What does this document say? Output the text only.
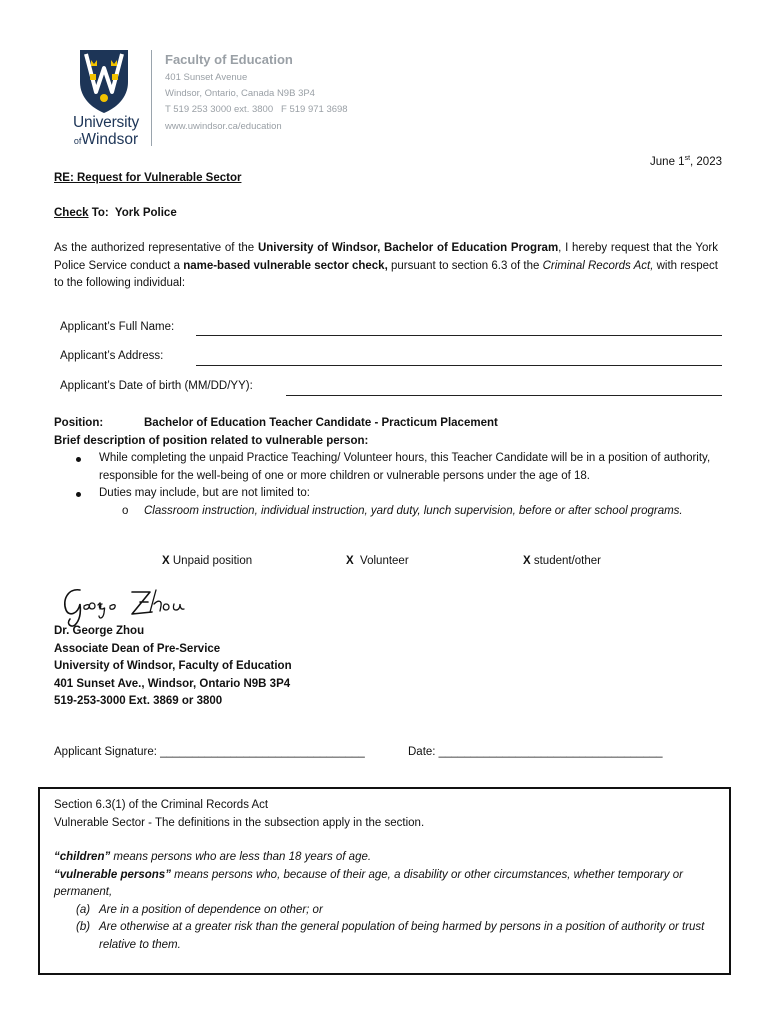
University
ofWindsor
Faculty of Education
401 Sunset Avenue
Windsor, Ontario, Canada N9B 3P4
T 519 253 3000 ext. 3800   F 519 971 3698
www.uwindsor.ca/education
June 1st, 2023
RE: Request for Vulnerable Sector
Check To:  York Police
As the authorized representative of the University of Windsor, Bachelor of Education Program, I hereby request that the York Police Service conduct a name-based vulnerable sector check, pursuant to section 6.3 of the Criminal Records Act, with respect to the following individual:
Applicant’s Full Name:
Applicant’s Address:
Applicant’s Date of birth (MM/DD/YY):
Position:	Bachelor of Education Teacher Candidate - Practicum Placement
Brief description of position related to vulnerable person:
While completing the unpaid Practice Teaching/ Volunteer hours, this Teacher Candidate will be in a position of authority, responsible for the well-being of one or more children or vulnerable persons under the age of 18.
Duties may include, but are not limited to:
o Classroom instruction, individual instruction, yard duty, lunch supervision, before or after school programs.
X Unpaid position	X  Volunteer	X student/other
Dr. George Zhou
Associate Dean of Pre-Service
University of Windsor, Faculty of Education
401 Sunset Ave., Windsor, Ontario N9B 3P4
519-253-3000 Ext. 3869 or 3800
Applicant Signature: ________________________________	Date: ___________________________________
Section 6.3(1) of the Criminal Records Act
Vulnerable Sector - The definitions in the subsection apply in the section.
“children” means persons who are less than 18 years of age.
“vulnerable persons” means persons who, because of their age, a disability or other circumstances, whether temporary or permanent,
(a) Are in a position of dependence on other; or
(b) Are otherwise at a greater risk than the general population of being harmed by persons in a position of authority or trust relative to them.
